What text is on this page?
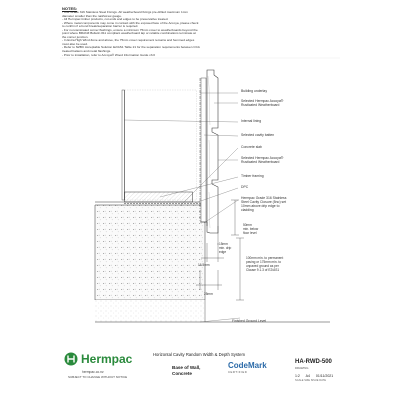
NOTES:
- Use Grade 316 Stainless Steel Fixings. All weatherboard fixings pre-drilled maximum 1mm
diameter smaller than the nail/screw gauge.
- All Hermpac timber products, cut ends and edges to be preservative treated.
- Where metal components may come in contact with the exposed face of the Accoya, please check
to confirm if a bond break/separation barrier is required.
- For non-laminated corner flashings, ensure a minimum 75mm cover to weatherboards beyond the
point where BRANZ Bulletin #11 compliant weatherboard lap or reliable combinations terminate at
the corner junction.
- In Extra High Wind Zone and above, the 75mm cover requirement remains and hemmed edges
must also be used.
- Refer to NZBC Acceptable Solution E2/AS1 Table 21 for the separation requirements between CCA
treated battens and metal flashings.
- Prior to installation, refer to Accoya® Wood Information Guide v3.0
Building underlay
Selected Hermpac Accoya®
Rusticated Weatherboard
Internal lining
Selected cavity batten
Concrete slab
Selected Hermpac Accoya®
Rusticated Weatherboard
Timber framing
DPC
Hermpac Grade 316 Stainless
Steel Cavity Closure (5no) set
10mm above drip edge to
cladding
50mm
min. below
floor level
100mm min. to permanent
paving or 175mm min. to
unpaved ground as per
Clause 9.1.3 of E2/AS1
15mm
min. drip
edge
16.5mm
25mm
Finished Ground Level
Hermpac
hermpac.co.nz
SUBJECT TO CHANGE WITHOUT NOTICE
Horizontal Cavity Random Width & Depth System
Base of Wall,
Concrete
CodeMark
CERTIFIED
HA-RWD-500
DRAWING
1:2 A4 01/11/2021
SCALE SIZE ISSUE DATE
